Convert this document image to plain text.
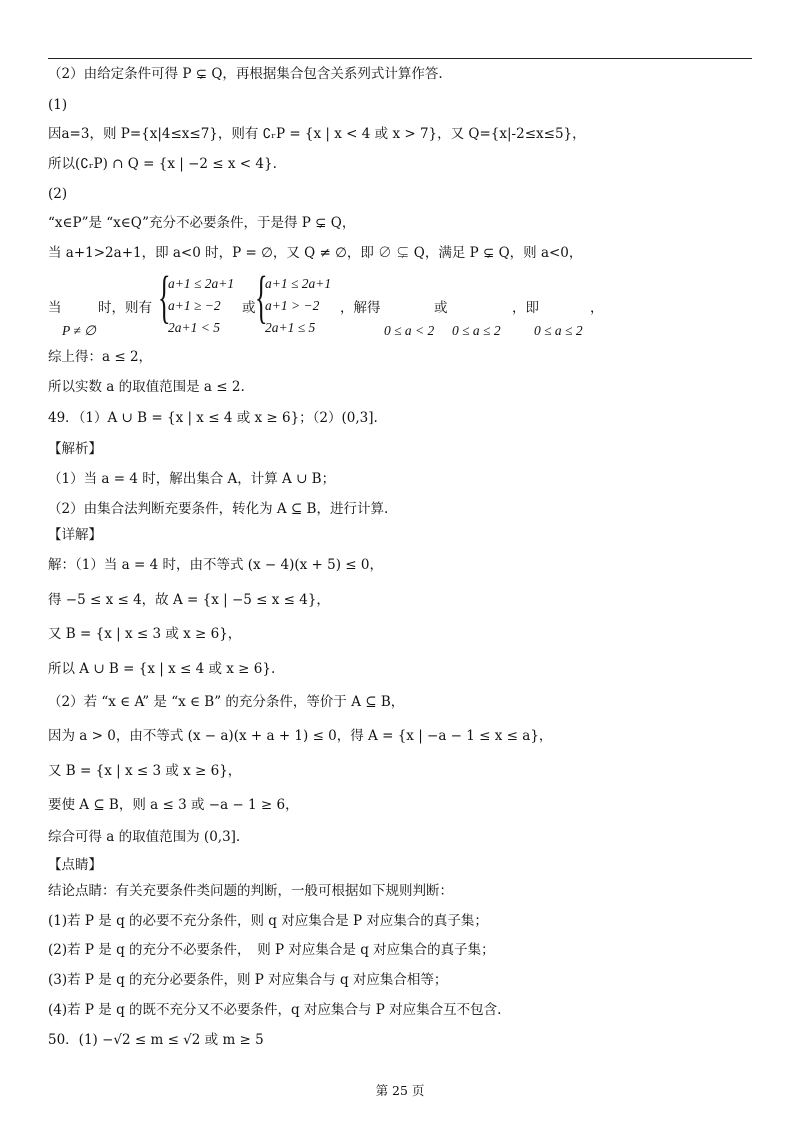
（2）由给定条件可得 P ⊊ Q，再根据集合包含关系列式计算作答.
(1)
因a=3，则 P={x|4≤x≤7}，则有 ∁ᵣP = {x | x < 4 或 x > 7}，又 Q={x|-2≤x≤5}，
所以(∁ᵣP) ∩ Q = {x | −2 ≤ x < 4}.
(2)
“x∈P”是 “x∈Q”充分不必要条件，于是得 P ⊊ Q，
当 a+1>2a+1，即 a<0 时，P = ∅，又 Q ≠ ∅，即 ∅ ⊊ Q，满足 P ⊊ Q，则 a<0，
当
P ≠ ∅
时，则有 {
a+1 ≤ 2a+1
a+1 ≥ −2
2a+1 < 5
或 {
a+1 ≤ 2a+1
a+1 > −2
2a+1 ≤ 5
，解得
0 ≤ a < 2
或
0 ≤ a ≤ 2
，即
0 ≤ a ≤ 2
，
综上得：a ≤ 2，
所以实数 a 的取值范围是 a ≤ 2.
49．（1）A ∪ B = {x | x ≤ 4 或 x ≥ 6}；（2）(0,3].
【解析】
（1）当 a = 4 时，解出集合 A，计算 A ∪ B；
（2）由集合法判断充要条件，转化为 A ⊆ B，进行计算.
【详解】
解：（1）当 a = 4 时，由不等式 (x − 4)(x + 5) ≤ 0，
得 −5 ≤ x ≤ 4，故 A = {x | −5 ≤ x ≤ 4}，
又 B = {x | x ≤ 3 或 x ≥ 6}，
所以 A ∪ B = {x | x ≤ 4 或 x ≥ 6}.
（2）若 “x ∈ A” 是 “x ∈ B” 的充分条件，等价于 A ⊆ B，
因为 a > 0，由不等式 (x − a)(x + a + 1) ≤ 0，得 A = {x | −a − 1 ≤ x ≤ a}，
又 B = {x | x ≤ 3 或 x ≥ 6}，
要使 A ⊆ B，则 a ≤ 3 或 −a − 1 ≥ 6，
综合可得 a 的取值范围为 (0,3].
【点睛】
结论点睛：有关充要条件类问题的判断，一般可根据如下规则判断：
(1)若 P 是 q 的必要不充分条件，则 q 对应集合是 P 对应集合的真子集；
(2)若 P 是 q 的充分不必要条件，　则 P 对应集合是 q 对应集合的真子集；
(3)若 P 是 q 的充分必要条件，则 P 对应集合与 q 对应集合相等；
(4)若 P 是 q 的既不充分又不必要条件，q 对应集合与 P 对应集合互不包含.
50．(1) −√2 ≤ m ≤ √2 或 m ≥ 5
第 25 页
